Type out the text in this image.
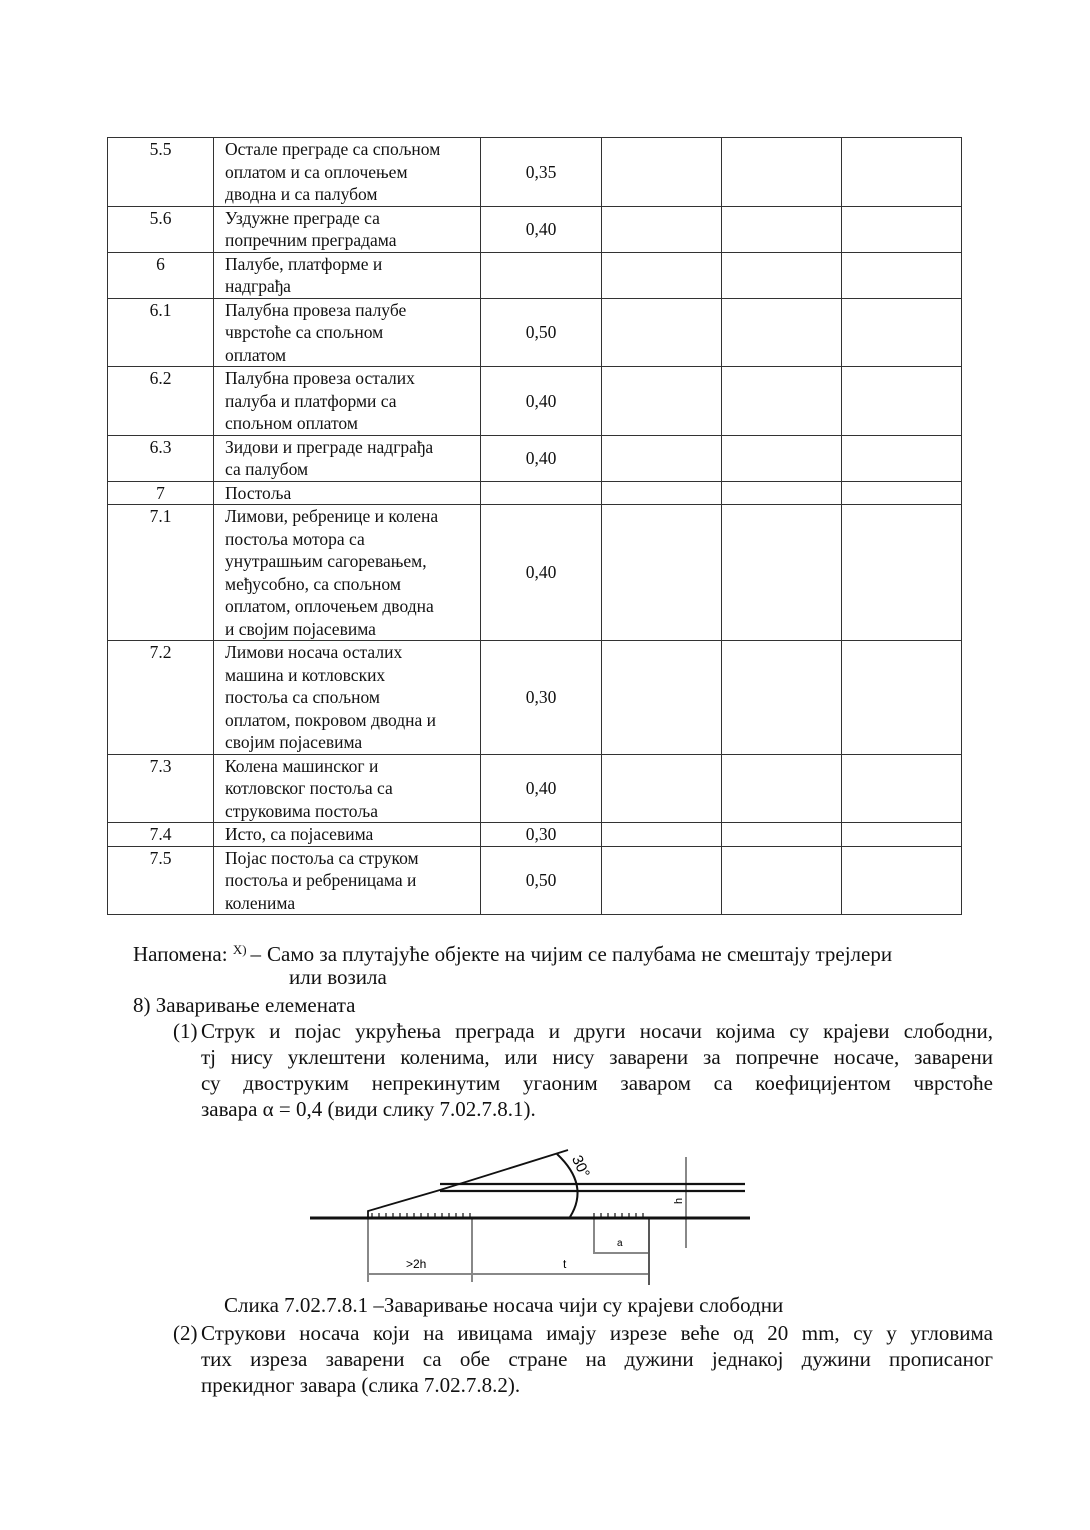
5.5	Остале преграде са спољном
оплатом и са оплочењем
дводна и са палубом	0,35			
5.6	Уздужне преграде са
попречним преградама	0,40			
6	Палубе, платформе и
надграђа				

6.1	Палубна провеза палубе
чврстоће са спољном
оплатом	0,50			
6.2	Палубна провеза осталих
палуба и платформи са
спољном оплатом	0,40			
6.3	Зидови и преграде надграђа
са палубом	0,40			
7	Постоља				

7.1	Лимови, ребренице и колена
постоља мотора са
унутрашњим сагоревањем,
међусобно, са спољном
оплатом, оплочењем дводна
и својим појасевима
	0,40			
7.2	Лимови носача осталих
машина и котловских
постоља са спољном
оплатом, покровом дводна и
својим појасевима	0,30			
7.3	Колена машинског и
котловског постоља са
струковима постоља	0,40			
7.4	Исто, са појасевима	0,30			
7.5	Појас постоља са струком
постоља и ребреницама и
коленима	0,50			
Напомена: $^{X)}$ – Само за плутајуће објекте на чијим се палубама не смештају трејлери
или возила
8) Заваривање елемената
(1) Струк и појас укрућења преграда и други носачи којима су крајеви слободни,
тј нису уклештени коленима, или нису заварени за попречне носаче, заварени
су двоструким непрекинутим угаоним заваром са коефицијентом чврстоће
завара α = 0,4 (види слику 7.02.7.8.1).
30°
h
>2h	t
a
Слика 7.02.7.8.1 –Заваривање носача чији су крајеви слободни
(2) Струкови носача који на ивицама имају изрезе веће од 20 mm, су у угловима
тих изреза заварени са обе стране на дужини једнакој дужини прописаног
прекидног завара (слика 7.02.7.8.2).
